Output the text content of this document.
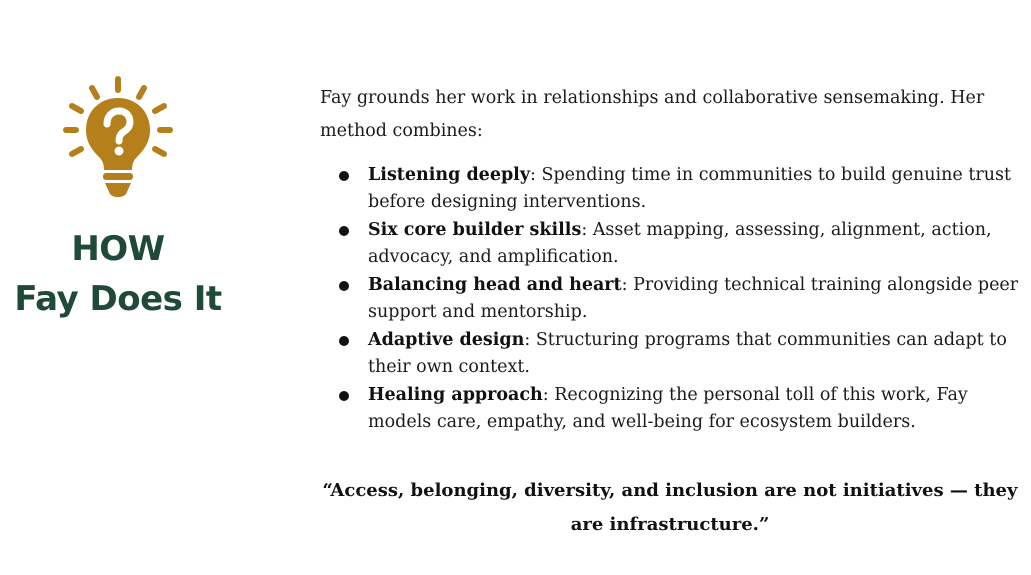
HOW
Fay Does It

Fay grounds her work in relationships and collaborative sensemaking. Her method combines:

Listening deeply: Spending time in communities to build genuine trust before designing interventions.
Six core builder skills: Asset mapping, assessing, alignment, action, advocacy, and amplification.
Balancing head and heart: Providing technical training alongside peer support and mentorship.
Adaptive design: Structuring programs that communities can adapt to their own context.
Healing approach: Recognizing the personal toll of this work, Fay models care, empathy, and well-being for ecosystem builders.
“Access, belonging, diversity, and inclusion are not initiatives — they are infrastructure.”
